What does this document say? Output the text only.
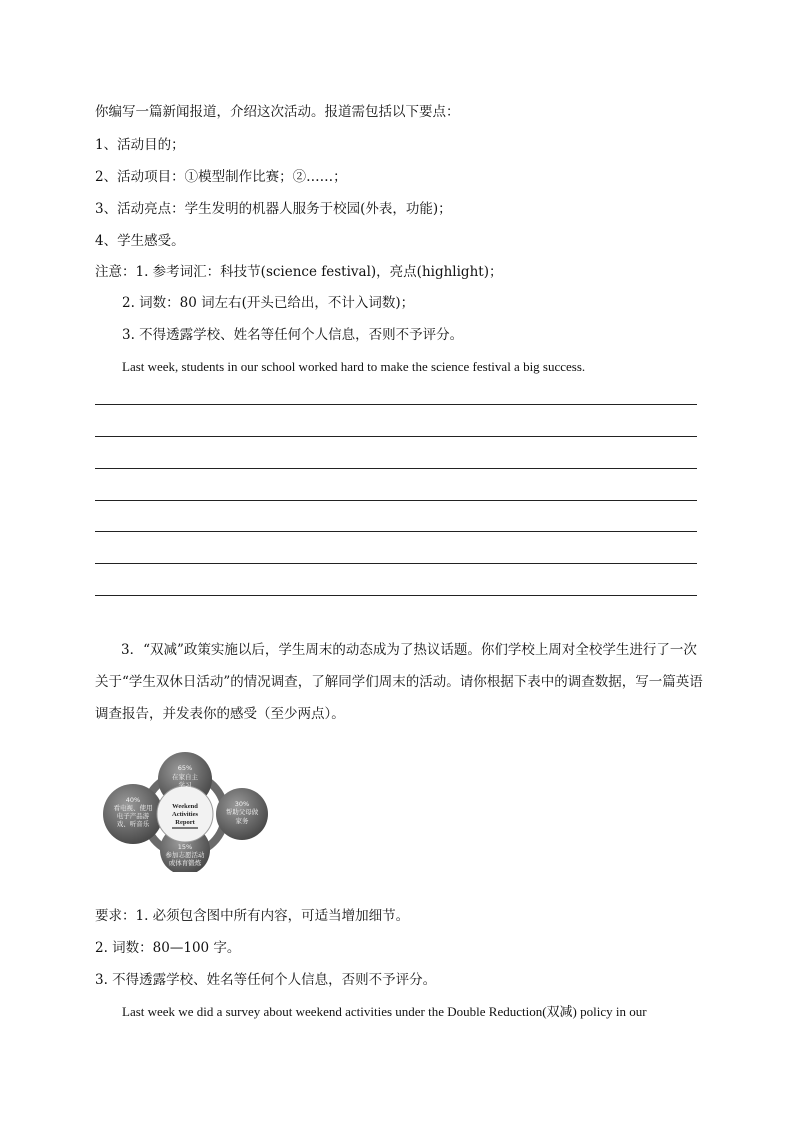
你编写一篇新闻报道，介绍这次活动。报道需包括以下要点：
1、活动目的；
2、活动项目：①模型制作比赛；②……；
3、活动亮点：学生发明的机器人服务于校园(外表，功能)；
4、学生感受。
注意：1. 参考词汇：科技节(science festival)，亮点(highlight)；
2. 词数：80 词左右(开头已给出，不计入词数)；
3. 不得透露学校、姓名等任何个人信息，否则不予评分。
Last week, students in our school worked hard to make the science festival a big success.
3．“双减”政策实施以后，学生周末的动态成为了热议话题。你们学校上周对全校学生进行了一次关于“学生双休日活动”的情况调查，了解同学们周末的活动。请你根据下表中的调查数据，写一篇英语调查报告，并发表你的感受（至少两点）。
Weekend
Activities
Report
65%
在家自主
学习
30%
帮助父母做
家务
15%
参加志愿活动
或体育锻炼
40%
看电视、使用
电子产品游
戏、听音乐
要求：1. 必须包含图中所有内容，可适当增加细节。
2. 词数：80—100 字。
3. 不得透露学校、姓名等任何个人信息，否则不予评分。
Last week we did a survey about weekend activities under the Double Reduction(双减) policy in our
